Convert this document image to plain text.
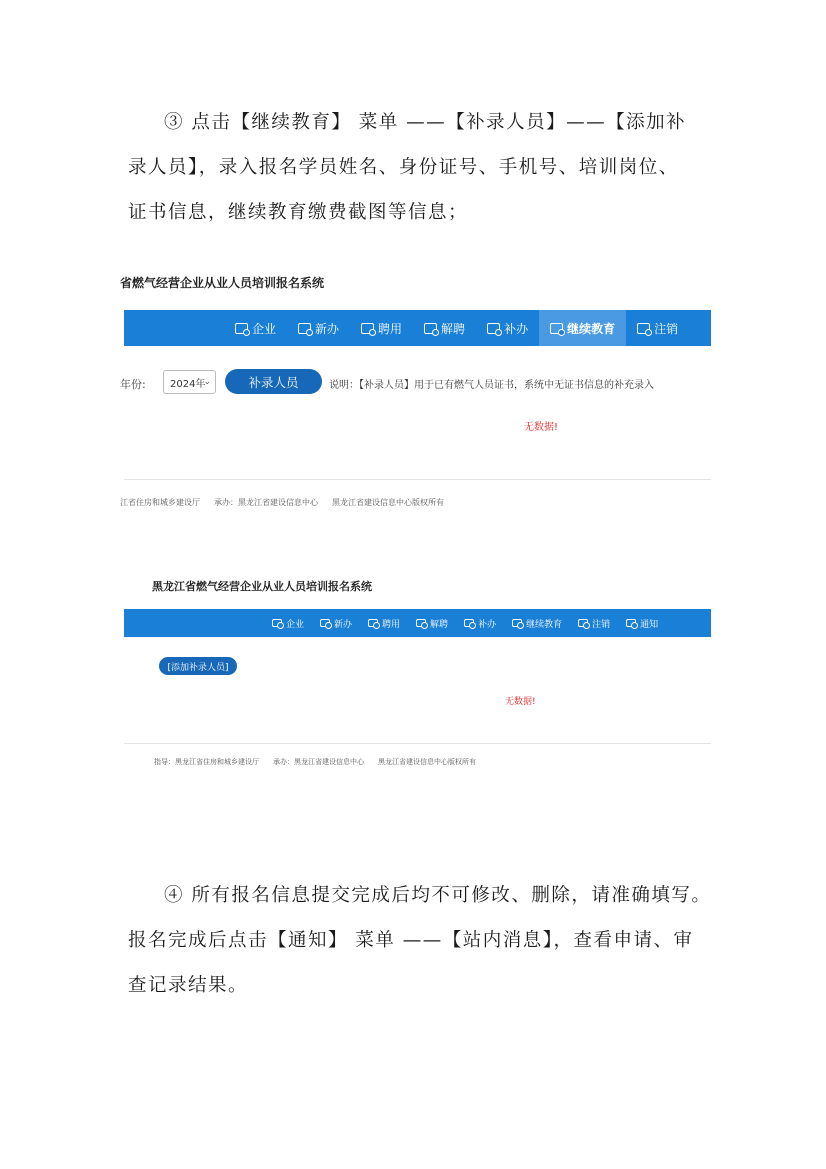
③ 点击【继续教育】 菜单 ——【补录人员】——【添加补
录人员】，录入报名学员姓名、身份证号、手机号、培训岗位、
证书信息，继续教育缴费截图等信息；
省燃气经营企业从业人员培训报名系统
企业	新办	聘用	解聘	补办	继续教育	注销
年份: 2024年
⌄	补录人员	说明：【补录人员】用于已有燃气人员证书，系统中无证书信息的补充录入
无数据!
江省住房和城乡建设厅 承办：黑龙江省建设信息中心 黑龙江省建设信息中心版权所有
黑龙江省燃气经营企业从业人员培训报名系统
企业	新办	聘用	解聘	补办	继续教育	注销	通知
[添加补录人员]
无数据!
指导：黑龙江省住房和城乡建设厅 承办：黑龙江省建设信息中心 黑龙江省建设信息中心版权所有
④ 所有报名信息提交完成后均不可修改、删除，请准确填写。
报名完成后点击【通知】 菜单 ——【站内消息】，查看申请、审
查记录结果。
